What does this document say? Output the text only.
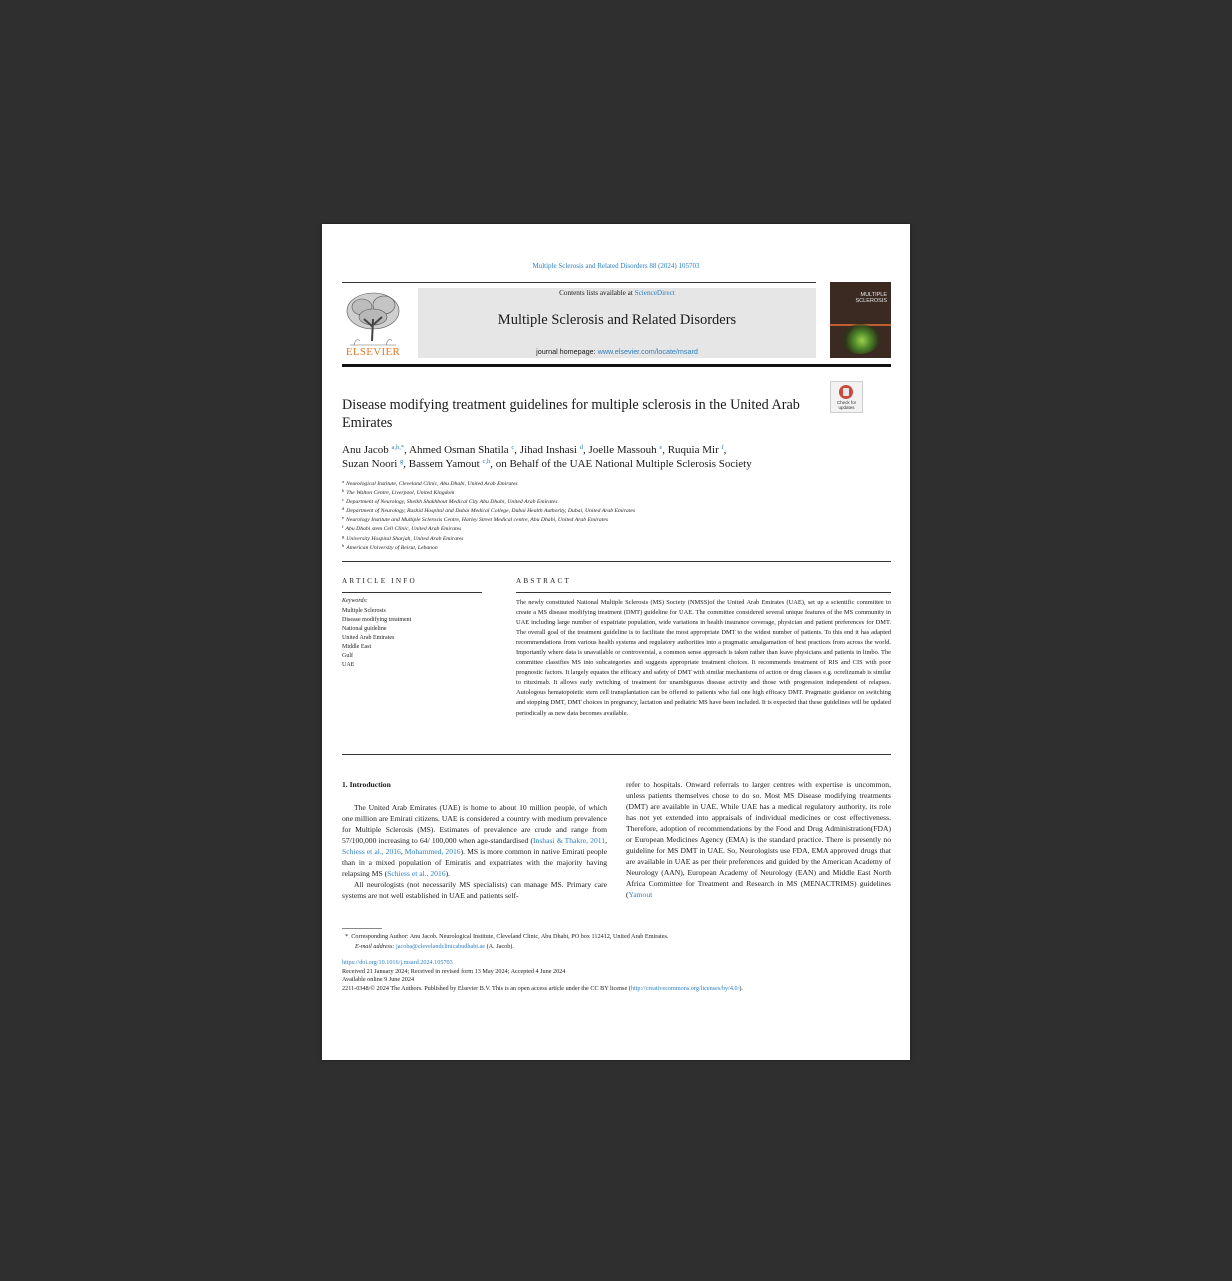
Multiple Sclerosis and Related Disorders 88 (2024) 105703
ELSEVIER
Contents lists available at ScienceDirect
Multiple Sclerosis and Related Disorders
journal homepage: www.elsevier.com/locate/msard
MULTIPLE
SCLEROSIS
Check for
updates
Disease modifying treatment guidelines for multiple sclerosis in the United Arab Emirates
Anu Jacob $^{a,b,*}$, Ahmed Osman Shatila $^c$, Jihad Inshasi $^d$, Joelle Massouh $^e$, Ruquia Mir $^f$,
Suzan Noori $^g$, Bassem Yamout $^{c,h}$, on Behalf of the UAE National Multiple Sclerosis Society
$^a$ Neurological Institute, Cleveland Clinic, Abu Dhabi, United Arab Emirates
$^b$ The Walton Centre, Liverpool, United Kingdom
$^c$ Department of Neurology, Sheikh Shakhbout Medical City Abu Dhabi, United Arab Emirates
$^d$ Department of Neurology, Rashid Hospital and Dubai Medical College, Dubai Health Authority, Dubai, United Arab Emirates
$^e$ Neurology Institute and Multiple Sclerosis Centre, Harley Street Medical centre, Abu Dhabi, United Arab Emirates
$^f$ Abu Dhabi stem Cell Clinic, United Arab Emirates
$^g$ University Hospital Sharjah, United Arab Emirates
$^h$ American University of Beirut, Lebanon
ARTICLE INFO
Keywords:
Multiple Sclerosis
Disease modifying treatment
National guideline
United Arab Emirates
Middle East
Gulf
UAE
ABSTRACT
The newly constituted National Multiple Sclerosis (MS) Society (NMSS)of the United Arab Emirates (UAE), set up a scientific committee to create a MS disease modifying treatment (DMT) guideline for UAE. The committee considered several unique features of the MS community in UAE including large number of expatriate population, wide variations in health insurance coverage, physician and patient preferences for DMT. The overall goal of the treatment guideline is to facilitate the most appropriate DMT to the widest number of patients. To this end it has adapted recommendations from various health systems and regulatory authorities into a pragmatic amalgamation of best practices from across the world. Importantly where data is unavailable or controversial, a common sense approach is taken rather than leave physicians and patients in limbo. The committee classifies MS into subcategories and suggests appropriate treatment choices. It recommends treatment of RIS and CIS with poor prognostic factors. It largely equates the efficacy and safety of DMT with similar mechanisms of action or drug classes e.g. ocrelizumab is similar to rituximab. It allows early switching of treatment for unambiguous disease activity and those with progression independent of relapses. Autologous hematopoietic stem cell transplantation can be offered to patients who fail one high efficacy DMT. Pragmatic guidance on switching and stopping DMT, DMT choices in pregnancy, lactation and pediatric MS have been included. It is expected that these guidelines will be updated periodically as new data becomes available.
1. Introduction

The United Arab Emirates (UAE) is home to about 10 million people, of which one million are Emirati citizens. UAE is considered a country with medium prevalence for Multiple Sclerosis (MS). Estimates of prevalence are crude and range from 57/100,000 increasing to 64/ 100,000 when age-standardised (Inshasi & Thakre, 2011, Schiess et al., 2016, Mohammed, 2016). MS is more common in native Emirati people than in a mixed population of Emiratis and expatriates with the majority having relapsing MS (Schiess et al., 2016).

All neurologists (not necessarily MS specialists) can manage MS. Primary care systems are not well established in UAE and patients self-

refer to hospitals. Onward referrals to larger centres with expertise is uncommon, unless patients themselves chose to do so. Most MS Disease modifying treatments (DMT) are available in UAE. While UAE has a medical regulatory authority, its role has not yet extended into appraisals of individual medicines or cost effectiveness. Therefore, adoption of recommendations by the Food and Drug Administration(FDA) or European Medicines Agency (EMA) is the standard practice. There is presently no guideline for MS DMT in UAE. So, Neurologists use FDA, EMA approved drugs that are available in UAE as per their preferences and guided by the American Academy of Neurology (AAN), European Academy of Neurology (EAN) and Middle East North Africa Committee for Treatment and Research in MS (MENACTRIMS) guidelines (Yamout
* Corresponding Author: Anu Jacob. Neurological Institute, Cleveland Clinic, Abu Dhabi, PO box 112412, United Arab Emirates.
E-mail address: jacoba@clevelandclinicabudhabi.ae (A. Jacob).
https://doi.org/10.1016/j.msard.2024.105703
Received 21 January 2024; Received in revised form 13 May 2024; Accepted 4 June 2024
Available online 9 June 2024
2211-0348/© 2024 The Authors. Published by Elsevier B.V. This is an open access article under the CC BY license (http://creativecommons.org/licenses/by/4.0/).
